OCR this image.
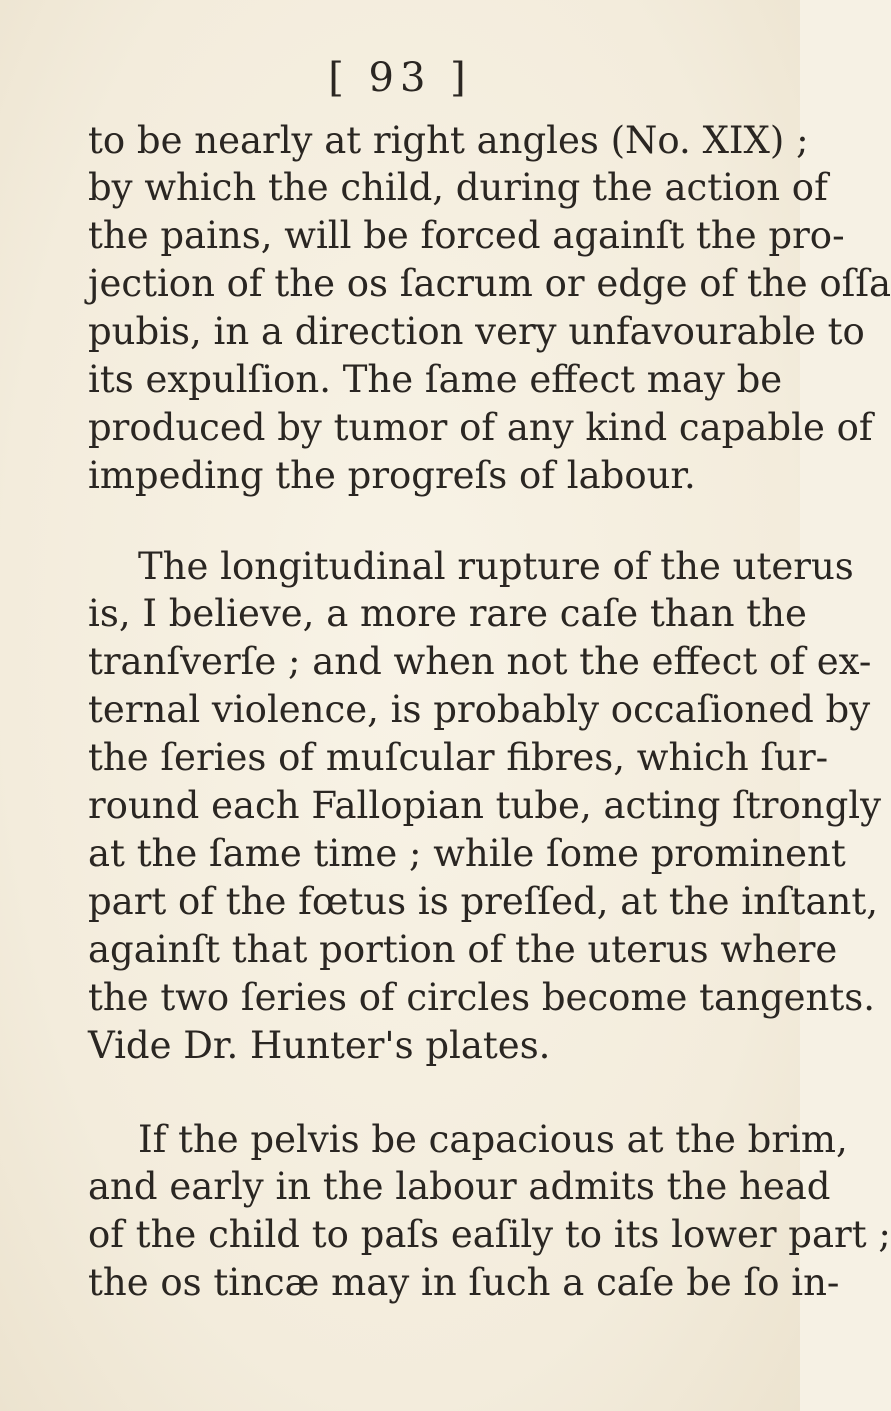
[ 93 ]
to be nearly at right angles (No. XIX) ;
by which the child, during the action of
the pains, will be forced againſt the pro-
jection of the os ſacrum or edge of the oſſa
pubis, in a direction very unfavourable to
its expulſion. The ſame effect may be
produced by tumor of any kind capable of
impeding the progreſs of labour.
The longitudinal rupture of the uterus
is, I believe, a more rare caſe than the
tranſverſe ; and when not the effect of ex-
ternal violence, is probably occaſioned by
the ſeries of muſcular fibres, which ſur-
round each Fallopian tube, acting ſtrongly
at the ſame time ; while ſome prominent
part of the fœtus is preſſed, at the inſtant,
againſt that portion of the uterus where
the two ſeries of circles become tangents.
Vide Dr. Hunter's plates.
If the pelvis be capacious at the brim,
and early in the labour admits the head
of the child to paſs eaſily to its lower part ;
the os tincæ may in ſuch a caſe be ſo in-
